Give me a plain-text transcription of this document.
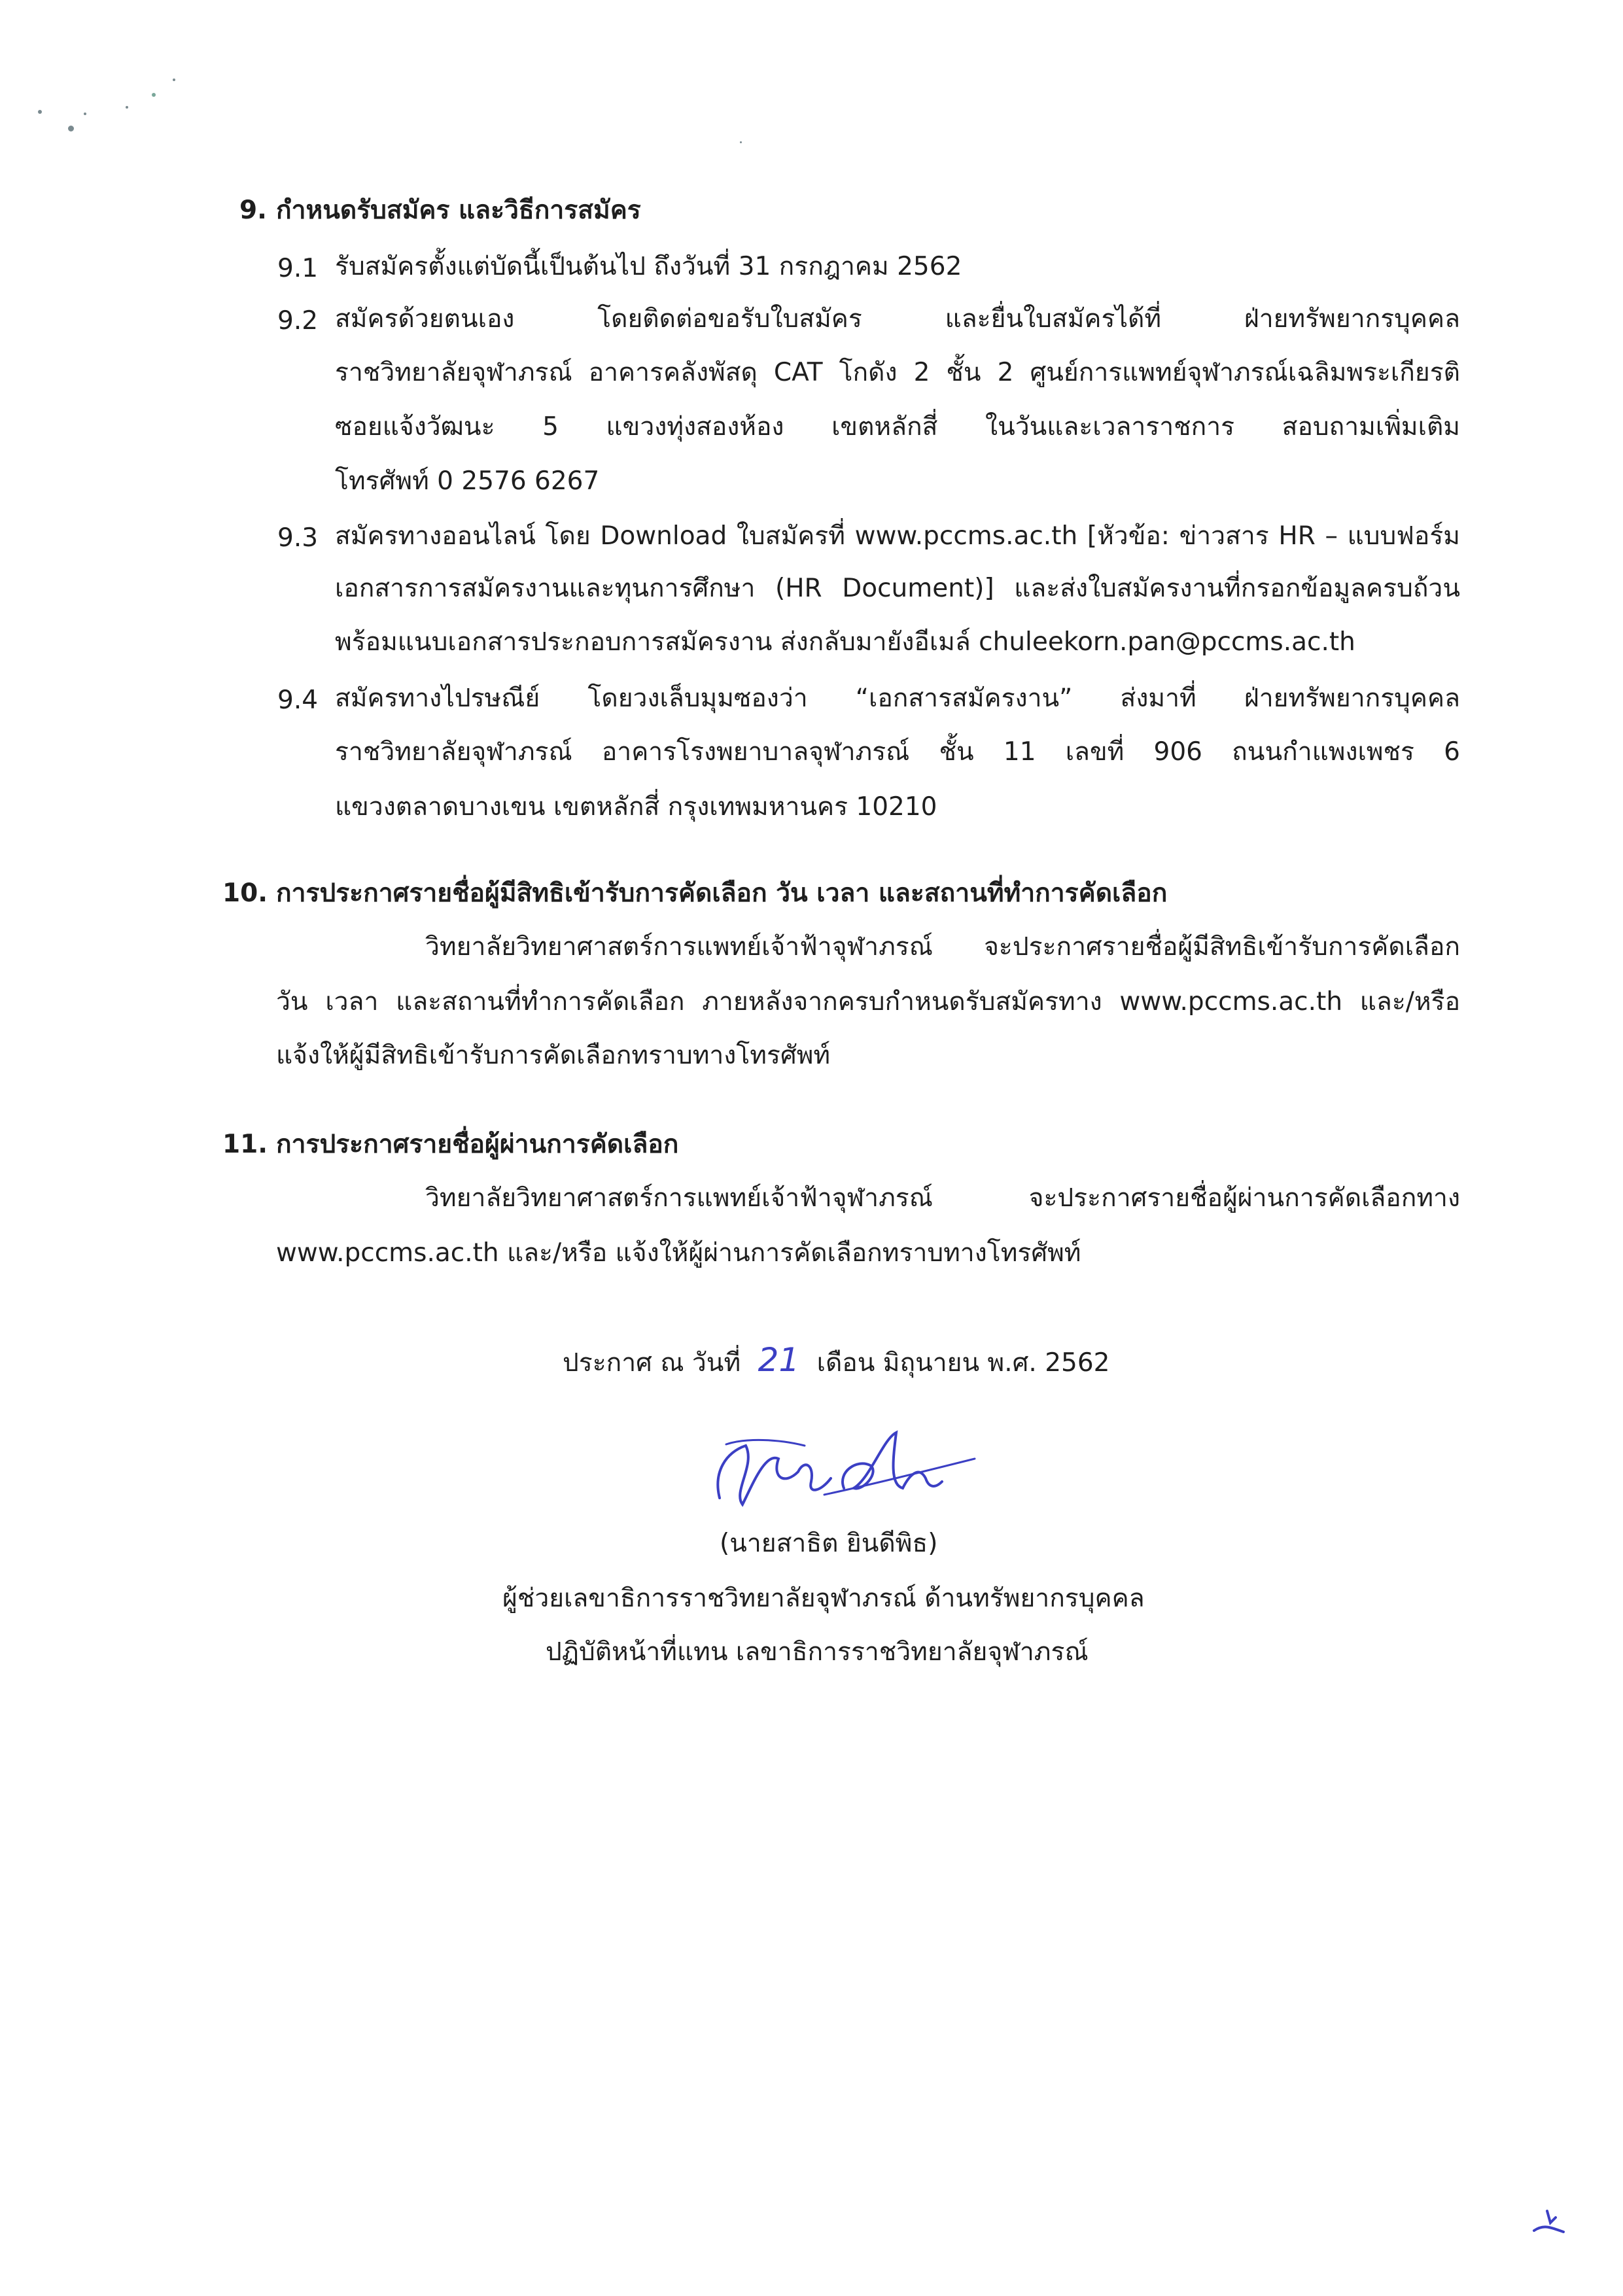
9. กำหนดรับสมัคร และวิธีการสมัคร
9.1 รับสมัครตั้งแต่บัดนี้เป็นต้นไป ถึงวันที่ 31 กรกฎาคม 2562
9.2 สมัครด้วยตนเอง โดยติดต่อขอรับใบสมัคร และยื่นใบสมัครได้ที่ ฝ่ายทรัพยากรบุคคล
ราชวิทยาลัยจุฬาภรณ์ อาคารคลังพัสดุ CAT โกดัง 2 ชั้น 2 ศูนย์การแพทย์จุฬาภรณ์เฉลิมพระเกียรติ
ซอยแจ้งวัฒนะ 5 แขวงทุ่งสองห้อง เขตหลักสี่ ในวันและเวลาราชการ สอบถามเพิ่มเติม
โทรศัพท์ 0 2576 6267
9.3 สมัครทางออนไลน์ โดย Download ใบสมัครที่ www.pccms.ac.th [หัวข้อ: ข่าวสาร HR – แบบฟอร์ม
เอกสารการสมัครงานและทุนการศึกษา (HR Document)] และส่งใบสมัครงานที่กรอกข้อมูลครบถ้วน
พร้อมแนบเอกสารประกอบการสมัครงาน ส่งกลับมายังอีเมล์ chuleekorn.pan@pccms.ac.th
9.4 สมัครทางไปรษณีย์ โดยวงเล็บมุมซองว่า “เอกสารสมัครงาน” ส่งมาที่ ฝ่ายทรัพยากรบุคคล
ราชวิทยาลัยจุฬาภรณ์ อาคารโรงพยาบาลจุฬาภรณ์ ชั้น 11 เลขที่ 906 ถนนกำแพงเพชร 6
แขวงตลาดบางเขน เขตหลักสี่ กรุงเทพมหานคร 10210
10. การประกาศรายชื่อผู้มีสิทธิเข้ารับการคัดเลือก วัน เวลา และสถานที่ทำการคัดเลือก
วิทยาลัยวิทยาศาสตร์การแพทย์เจ้าฟ้าจุฬาภรณ์ จะประกาศรายชื่อผู้มีสิทธิเข้ารับการคัดเลือก
วัน เวลา และสถานที่ทำการคัดเลือก ภายหลังจากครบกำหนดรับสมัครทาง www.pccms.ac.th และ/หรือ
แจ้งให้ผู้มีสิทธิเข้ารับการคัดเลือกทราบทางโทรศัพท์
11. การประกาศรายชื่อผู้ผ่านการคัดเลือก
วิทยาลัยวิทยาศาสตร์การแพทย์เจ้าฟ้าจุฬาภรณ์ จะประกาศรายชื่อผู้ผ่านการคัดเลือกทาง
www.pccms.ac.th และ/หรือ แจ้งให้ผู้ผ่านการคัดเลือกทราบทางโทรศัพท์
ประกาศ ณ วันที่ 21 เดือน มิถุนายน พ.ศ. 2562
(นายสาธิต ยินดีพิธ)
ผู้ช่วยเลขาธิการราชวิทยาลัยจุฬาภรณ์ ด้านทรัพยากรบุคคล
ปฏิบัติหน้าที่แทน เลขาธิการราชวิทยาลัยจุฬาภรณ์
